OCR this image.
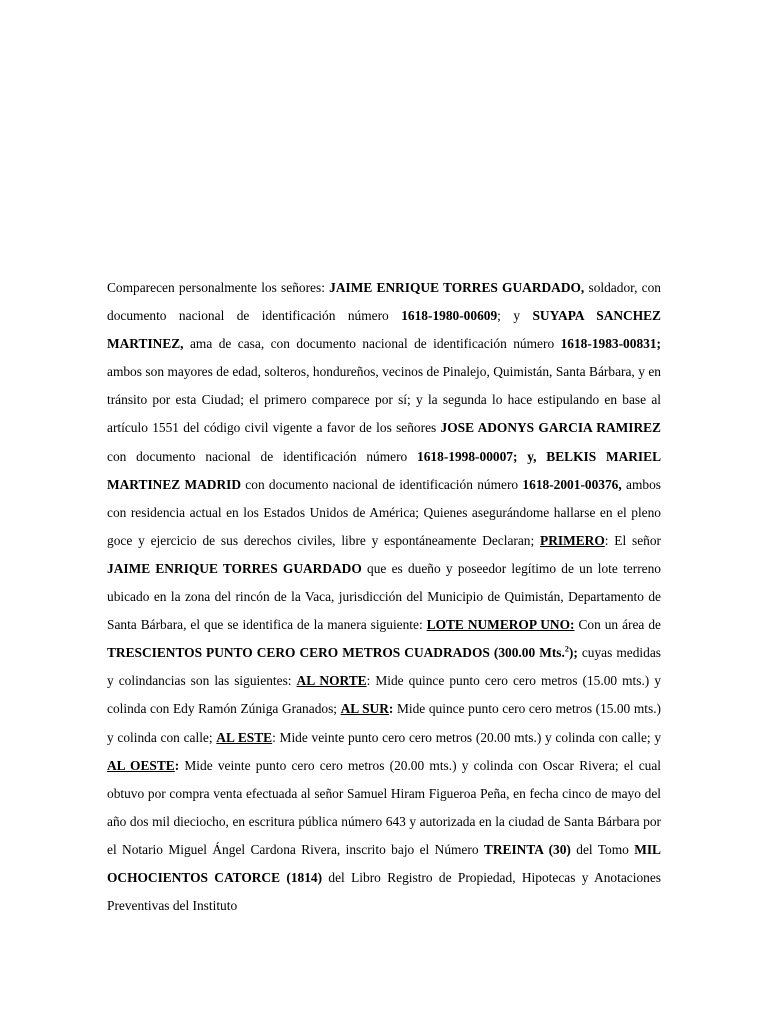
Comparecen personalmente los señores: JAIME ENRIQUE TORRES GUARDADO, soldador, con documento nacional de identificación número 1618-1980-00609; y SUYAPA SANCHEZ MARTINEZ, ama de casa, con documento nacional de identificación número 1618-1983-00831; ambos son mayores de edad, solteros, hondureños, vecinos de Pinalejo, Quimistán, Santa Bárbara, y en tránsito por esta Ciudad; el primero comparece por sí; y la segunda lo hace estipulando en base al artículo 1551 del código civil vigente a favor de los señores JOSE ADONYS GARCIA RAMIREZ con documento nacional de identificación número 1618-1998-00007; y, BELKIS MARIEL MARTINEZ MADRID con documento nacional de identificación número 1618-2001-00376, ambos con residencia actual en los Estados Unidos de América; Quienes asegurándome hallarse en el pleno goce y ejercicio de sus derechos civiles, libre y espontáneamente Declaran; PRIMERO: El señor JAIME ENRIQUE TORRES GUARDADO que es dueño y poseedor legítimo de un lote terreno ubicado en la zona del rincón de la Vaca, jurisdicción del Municipio de Quimistán, Departamento de Santa Bárbara, el que se identifica de la manera siguiente: LOTE NUMEROP UNO: Con un área de TRESCIENTOS PUNTO CERO CERO METROS CUADRADOS (300.00 Mts.$^2$); cuyas medidas y colindancias son las siguientes: AL NORTE: Mide quince punto cero cero metros (15.00 mts.) y colinda con Edy Ramón Zúniga Granados; AL SUR: Mide quince punto cero cero metros (15.00 mts.) y colinda con calle; AL ESTE: Mide veinte punto cero cero metros (20.00 mts.) y colinda con calle; y AL OESTE: Mide veinte punto cero cero metros (20.00 mts.) y colinda con Oscar Rivera; el cual obtuvo por compra venta efectuada al señor Samuel Hiram Figueroa Peña, en fecha cinco de mayo del año dos mil dieciocho, en escritura pública número 643 y autorizada en la ciudad de Santa Bárbara por el Notario Miguel Ángel Cardona Rivera, inscrito bajo el Número TREINTA (30) del Tomo MIL OCHOCIENTOS CATORCE (1814) del Libro Registro de Propiedad, Hipotecas y Anotaciones Preventivas del Instituto
